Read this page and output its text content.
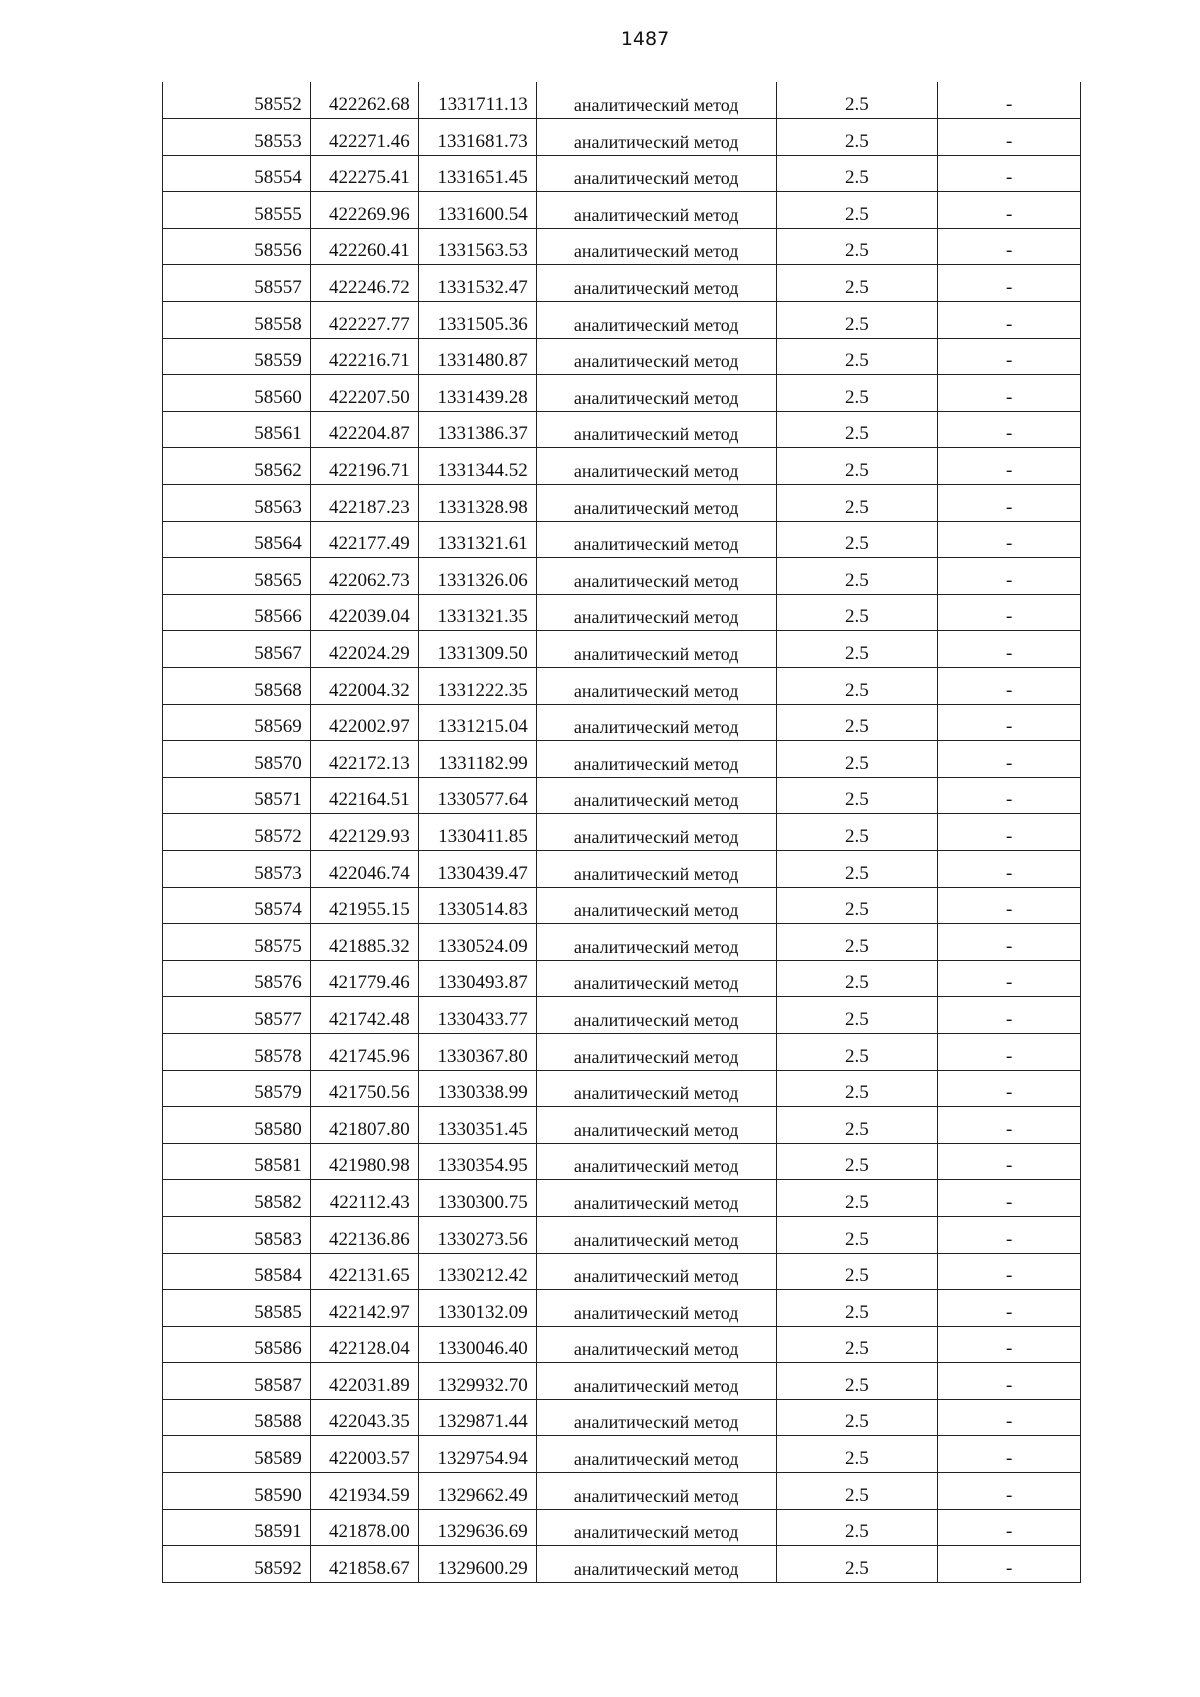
1487
58552	422262.68	1331711.13	аналитический метод	2.5	-
58553	422271.46	1331681.73	аналитический метод	2.5	-
58554	422275.41	1331651.45	аналитический метод	2.5	-
58555	422269.96	1331600.54	аналитический метод	2.5	-
58556	422260.41	1331563.53	аналитический метод	2.5	-
58557	422246.72	1331532.47	аналитический метод	2.5	-
58558	422227.77	1331505.36	аналитический метод	2.5	-
58559	422216.71	1331480.87	аналитический метод	2.5	-
58560	422207.50	1331439.28	аналитический метод	2.5	-
58561	422204.87	1331386.37	аналитический метод	2.5	-
58562	422196.71	1331344.52	аналитический метод	2.5	-
58563	422187.23	1331328.98	аналитический метод	2.5	-
58564	422177.49	1331321.61	аналитический метод	2.5	-
58565	422062.73	1331326.06	аналитический метод	2.5	-
58566	422039.04	1331321.35	аналитический метод	2.5	-
58567	422024.29	1331309.50	аналитический метод	2.5	-
58568	422004.32	1331222.35	аналитический метод	2.5	-
58569	422002.97	1331215.04	аналитический метод	2.5	-
58570	422172.13	1331182.99	аналитический метод	2.5	-
58571	422164.51	1330577.64	аналитический метод	2.5	-
58572	422129.93	1330411.85	аналитический метод	2.5	-
58573	422046.74	1330439.47	аналитический метод	2.5	-
58574	421955.15	1330514.83	аналитический метод	2.5	-
58575	421885.32	1330524.09	аналитический метод	2.5	-
58576	421779.46	1330493.87	аналитический метод	2.5	-
58577	421742.48	1330433.77	аналитический метод	2.5	-
58578	421745.96	1330367.80	аналитический метод	2.5	-
58579	421750.56	1330338.99	аналитический метод	2.5	-
58580	421807.80	1330351.45	аналитический метод	2.5	-
58581	421980.98	1330354.95	аналитический метод	2.5	-
58582	422112.43	1330300.75	аналитический метод	2.5	-
58583	422136.86	1330273.56	аналитический метод	2.5	-
58584	422131.65	1330212.42	аналитический метод	2.5	-
58585	422142.97	1330132.09	аналитический метод	2.5	-
58586	422128.04	1330046.40	аналитический метод	2.5	-
58587	422031.89	1329932.70	аналитический метод	2.5	-
58588	422043.35	1329871.44	аналитический метод	2.5	-
58589	422003.57	1329754.94	аналитический метод	2.5	-
58590	421934.59	1329662.49	аналитический метод	2.5	-
58591	421878.00	1329636.69	аналитический метод	2.5	-
58592	421858.67	1329600.29	аналитический метод	2.5	-
